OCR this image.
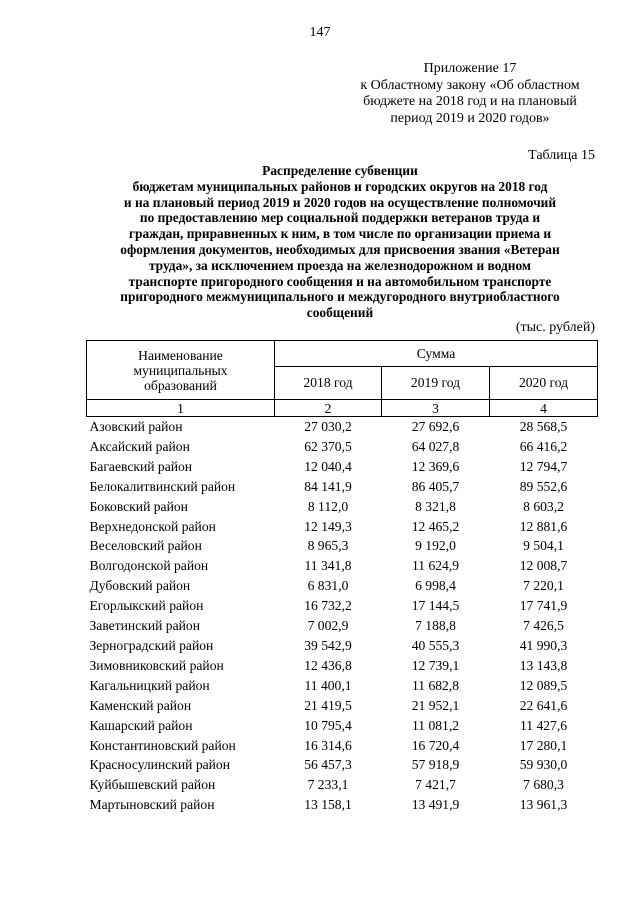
147
Приложение 17
к Областному закону «Об областном
бюджете на 2018 год и на плановый
период 2019 и 2020 годов»
Таблица 15
Распределение субвенции
бюджетам муниципальных районов и городских округов на 2018 год
и на плановый период 2019 и 2020 годов на осуществление полномочий
по предоставлению мер социальной поддержки ветеранов труда и
граждан, приравненных к ним, в том числе по организации приема и
оформления документов, необходимых для присвоения звания «Ветеран
труда», за исключением проезда на железнодорожном и водном
транспорте пригородного сообщения и на автомобильном транспорте
пригородного межмуниципального и междугородного внутриобластного
сообщений
(тыс. рублей)
Наименование
муниципальных
образований	Сумма		
	2018 год	2019 год	2020 год
1	2	3	4
Азовский район	27 030,2	27 692,6	28 568,5
Аксайский район	62 370,5	64 027,8	66 416,2
Багаевский район	12 040,4	12 369,6	12 794,7
Белокалитвинский район	84 141,9	86 405,7	89 552,6
Боковский район	8 112,0	8 321,8	8 603,2
Верхнедонской район	12 149,3	12 465,2	12 881,6
Веселовский район	8 965,3	9 192,0	9 504,1
Волгодонской район	11 341,8	11 624,9	12 008,7
Дубовский район	6 831,0	6 998,4	7 220,1
Егорлыкский район	16 732,2	17 144,5	17 741,9
Заветинский район	7 002,9	7 188,8	7 426,5
Зерноградский район	39 542,9	40 555,3	41 990,3
Зимовниковский район	12 436,8	12 739,1	13 143,8
Кагальницкий район	11 400,1	11 682,8	12 089,5
Каменский район	21 419,5	21 952,1	22 641,6
Кашарский район	10 795,4	11 081,2	11 427,6
Константиновский район	16 314,6	16 720,4	17 280,1
Красносулинский район	56 457,3	57 918,9	59 930,0
Куйбышевский район	7 233,1	7 421,7	7 680,3
Мартыновский район	13 158,1	13 491,9	13 961,3
